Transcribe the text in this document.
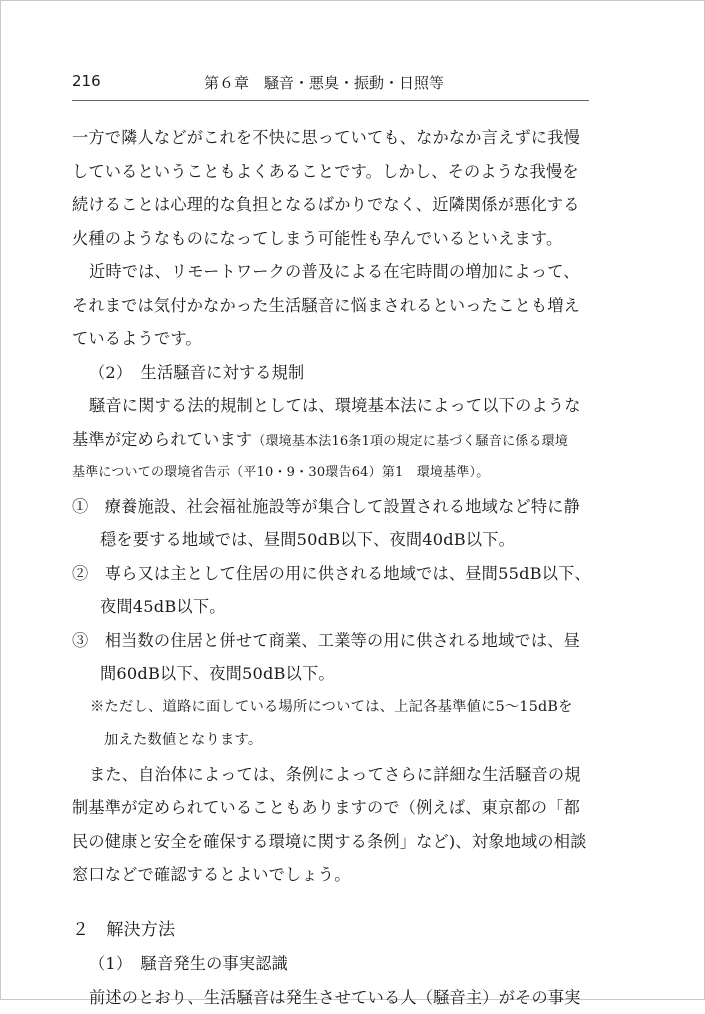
216	第６章　騒音・悪臭・振動・日照等
一方で隣人などがこれを不快に思っていても、なかなか言えずに我慢
しているということもよくあることです。しかし、そのような我慢を
続けることは心理的な負担となるばかりでなく、近隣関係が悪化する
火種のようなものになってしまう可能性も孕んでいるといえます。
近時では、リモートワークの普及による在宅時間の増加によって、
それまでは気付かなかった生活騒音に悩まされるといったことも増え
ているようです。
（2）　生活騒音に対する規制
騒音に関する法的規制としては、環境基本法によって以下のような
基準が定められています（環境基本法16条1項の規定に基づく騒音に係る環境
基準についての環境省告示（平10・9・30環告64）第1　環境基準）。
①　療養施設、社会福祉施設等が集合して設置される地域など特に静
穏を要する地域では、昼間50dB以下、夜間40dB以下。
②　専ら又は主として住居の用に供される地域では、昼間55dB以下、
夜間45dB以下。
③　相当数の住居と併せて商業、工業等の用に供される地域では、昼
間60dB以下、夜間50dB以下。
※ただし、道路に面している場所については、上記各基準値に5〜15dBを
加えた数値となります。
また、自治体によっては、条例によってさらに詳細な生活騒音の規
制基準が定められていることもありますので（例えば、東京都の「都
民の健康と安全を確保する環境に関する条例」など)、対象地域の相談
窓口などで確認するとよいでしょう。
２　解決方法
（1）　騒音発生の事実認識
前述のとおり、生活騒音は発生させている人（騒音主）がその事実
